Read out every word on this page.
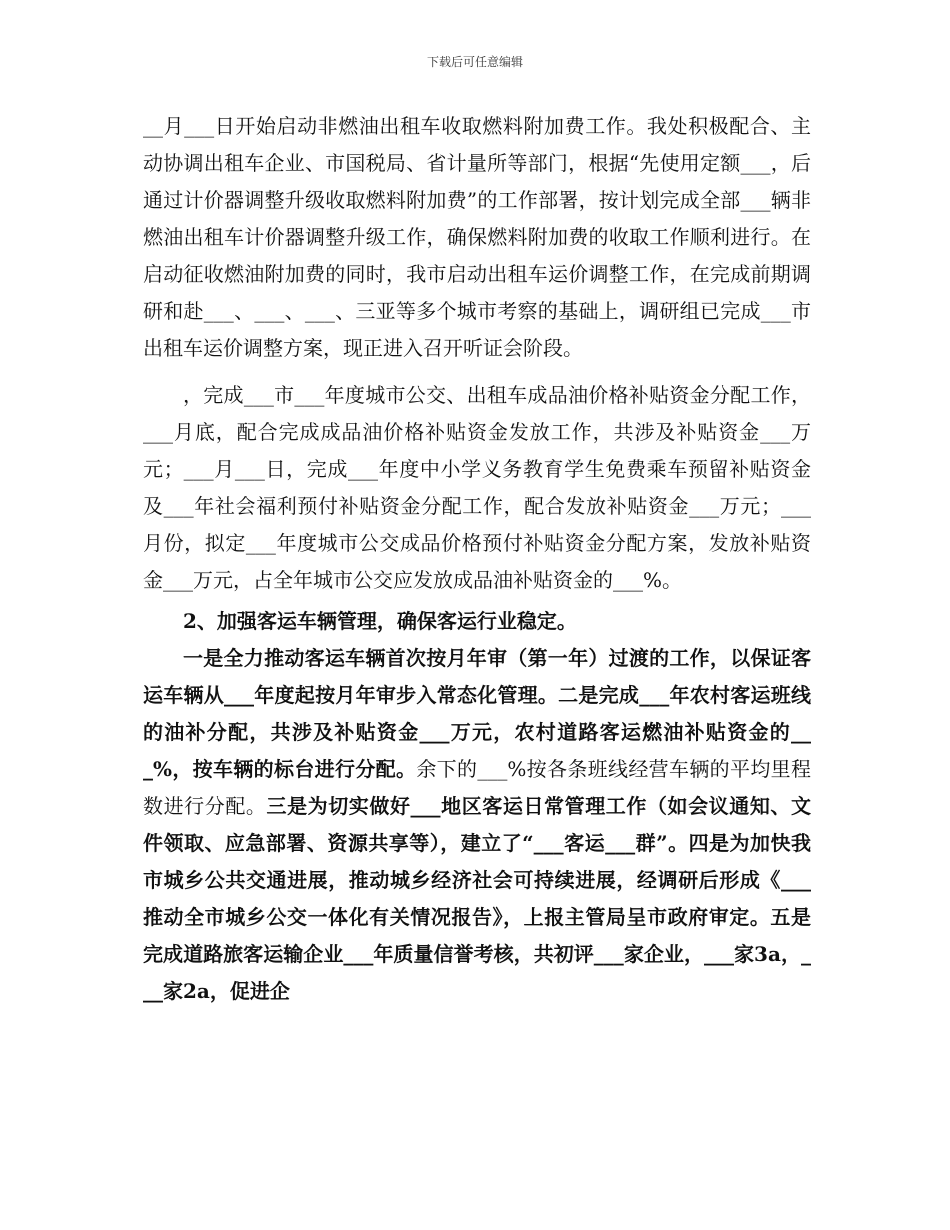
下载后可任意编辑

__月___日开始启动非燃油出租车收取燃料附加费工作。我处积极配合、主动协调出租车企业、市国税局、省计量所等部门，根据“先使用定额___，后通过计价器调整升级收取燃料附加费”的工作部署，按计划完成全部___辆非燃油出租车计价器调整升级工作，确保燃料附加费的收取工作顺利进行。在启动征收燃油附加费的同时，我市启动出租车运价调整工作，在完成前期调研和赴___、___、___、三亚等多个城市考察的基础上，调研组已完成___市出租车运价调整方案，现正进入召开听证会阶段。

，完成___市___年度城市公交、出租车成品油价格补贴资金分配工作，___月底，配合完成成品油价格补贴资金发放工作，共涉及补贴资金___万元；___月___日，完成___年度中小学义务教育学生免费乘车预留补贴资金及___年社会福利预付补贴资金分配工作，配合发放补贴资金___万元；___月份，拟定___年度城市公交成品价格预付补贴资金分配方案，发放补贴资金___万元，占全年城市公交应发放成品油补贴资金的___%。

2、加强客运车辆管理，确保客运行业稳定。

一是全力推动客运车辆首次按月年审（第一年）过渡的工作，以保证客运车辆从___年度起按月年审步入常态化管理。二是完成___年农村客运班线的油补分配，共涉及补贴资金___万元，农村道路客运燃油补贴资金的___%，按车辆的标台进行分配。余下的___%按各条班线经营车辆的平均里程数进行分配。三是为切实做好___地区客运日常管理工作（如会议通知、文件领取、应急部署、资源共享等），建立了“___客运___群”。四是为加快我市城乡公共交通进展，推动城乡经济社会可持续进展，经调研后形成《___推动全市城乡公交一体化有关情况报告》，上报主管局呈市政府审定。五是完成道路旅客运输企业___年质量信誉考核，共初评___家企业，___家3a，___家2a，促进企
